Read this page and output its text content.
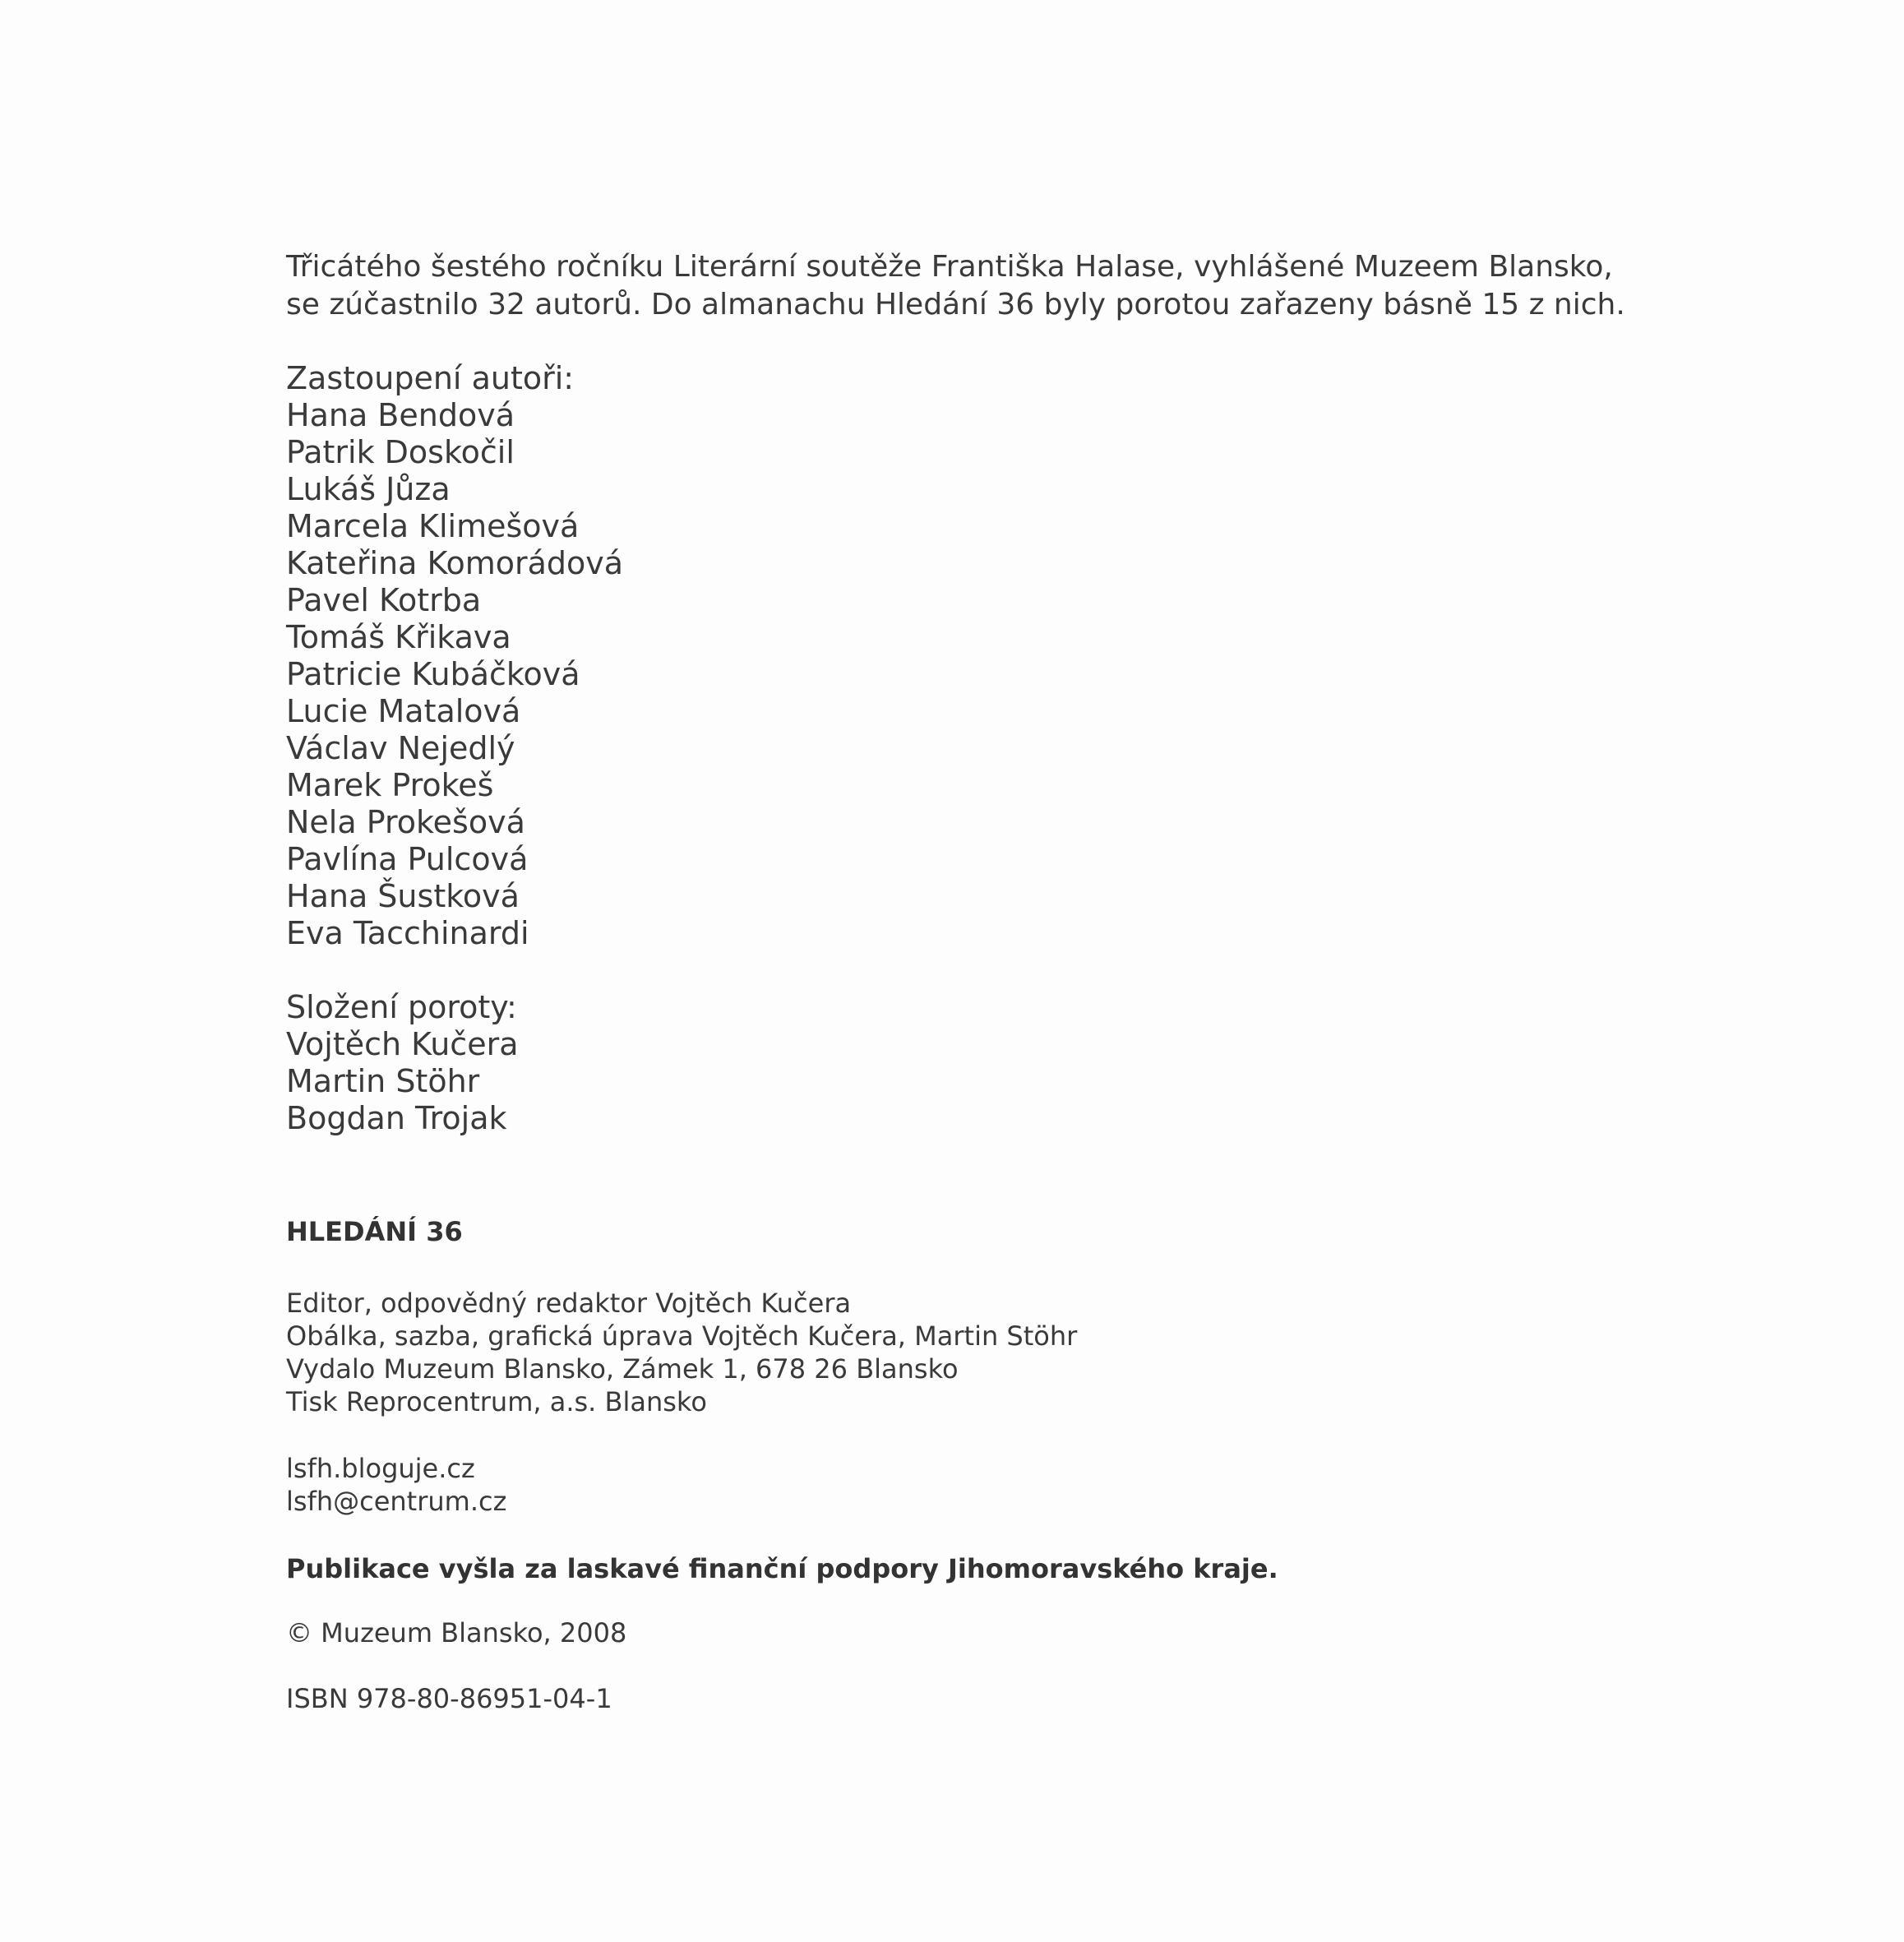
Třicátého šestého ročníku Literární soutěže Františka Halase, vyhlášené Muzeem Blansko,
se zúčastnilo 32 autorů. Do almanachu Hledání 36 byly porotou zařazeny básně 15 z nich.
Zastoupení autoři:
Hana Bendová
Patrik Doskočil
Lukáš Jůza
Marcela Klimešová
Kateřina Komorádová
Pavel Kotrba
Tomáš Křikava
Patricie Kubáčková
Lucie Matalová
Václav Nejedlý
Marek Prokeš
Nela Prokešová
Pavlína Pulcová
Hana Šustková
Eva Tacchinardi
Složení poroty:
Vojtěch Kučera
Martin Stöhr
Bogdan Trojak
HLEDÁNÍ 36
Editor, odpovědný redaktor Vojtěch Kučera
Obálka, sazba, grafická úprava Vojtěch Kučera, Martin Stöhr
Vydalo Muzeum Blansko, Zámek 1, 678 26 Blansko
Tisk Reprocentrum, a.s. Blansko
lsfh.bloguje.cz
lsfh@centrum.cz
Publikace vyšla za laskavé finanční podpory Jihomoravského kraje.
© Muzeum Blansko, 2008
ISBN 978-80-86951-04-1
